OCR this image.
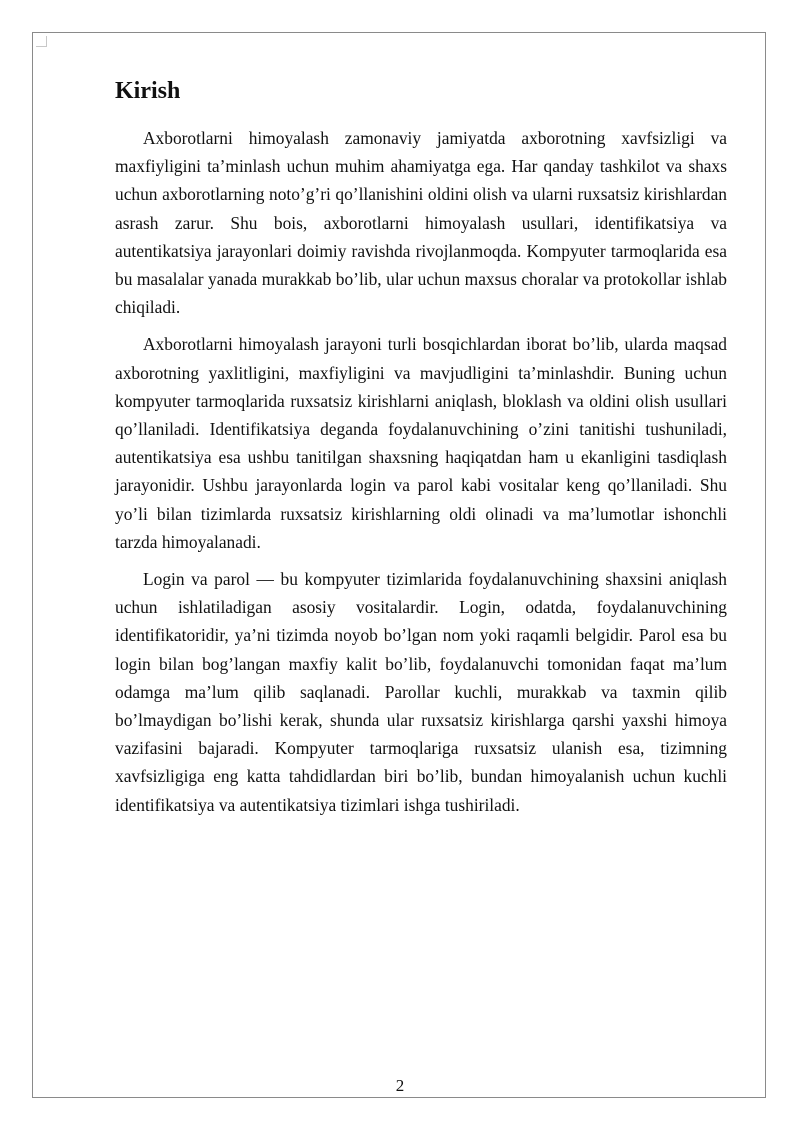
Kirish

Axborotlarni himoyalash zamonaviy jamiyatda axborotning xavfsizligi va maxfiyligini ta’minlash uchun muhim ahamiyatga ega. Har qanday tashkilot va shaxs uchun axborotlarning noto’g’ri qo’llanishini oldini olish va ularni ruxsatsiz kirishlardan asrash zarur. Shu bois, axborotlarni himoyalash usullari, identifikatsiya va autentikatsiya jarayonlari doimiy ravishda rivojlanmoqda. Kompyuter tarmoqlarida esa bu masalalar yanada murakkab bo’lib, ular uchun maxsus choralar va protokollar ishlab chiqiladi.

Axborotlarni himoyalash jarayoni turli bosqichlardan iborat bo’lib, ularda maqsad axborotning yaxlitligini, maxfiyligini va mavjudligini ta’minlashdir. Buning uchun kompyuter tarmoqlarida ruxsatsiz kirishlarni aniqlash, bloklash va oldini olish usullari qo’llaniladi. Identifikatsiya deganda foydalanuvchining o’zini tanitishi tushuniladi, autentikatsiya esa ushbu tanitilgan shaxsning haqiqatdan ham u ekanligini tasdiqlash jarayonidir. Ushbu jarayonlarda login va parol kabi vositalar keng qo’llaniladi. Shu yo’li bilan tizimlarda ruxsatsiz kirishlarning oldi olinadi va ma’lumotlar ishonchli tarzda himoyalanadi.

Login va parol — bu kompyuter tizimlarida foydalanuvchining shaxsini aniqlash uchun ishlatiladigan asosiy vositalardir. Login, odatda, foydalanuvchining identifikatoridir, ya’ni tizimda noyob bo’lgan nom yoki raqamli belgidir. Parol esa bu login bilan bog’langan maxfiy kalit bo’lib, foydalanuvchi tomonidan faqat ma’lum odamga ma’lum qilib saqlanadi. Parollar kuchli, murakkab va taxmin qilib bo’lmaydigan bo’lishi kerak, shunda ular ruxsatsiz kirishlarga qarshi yaxshi himoya vazifasini bajaradi. Kompyuter tarmoqlariga ruxsatsiz ulanish esa, tizimning xavfsizligiga eng katta tahdidlardan biri bo’lib, bundan himoyalanish uchun kuchli identifikatsiya va autentikatsiya tizimlari ishga tushiriladi.

2
